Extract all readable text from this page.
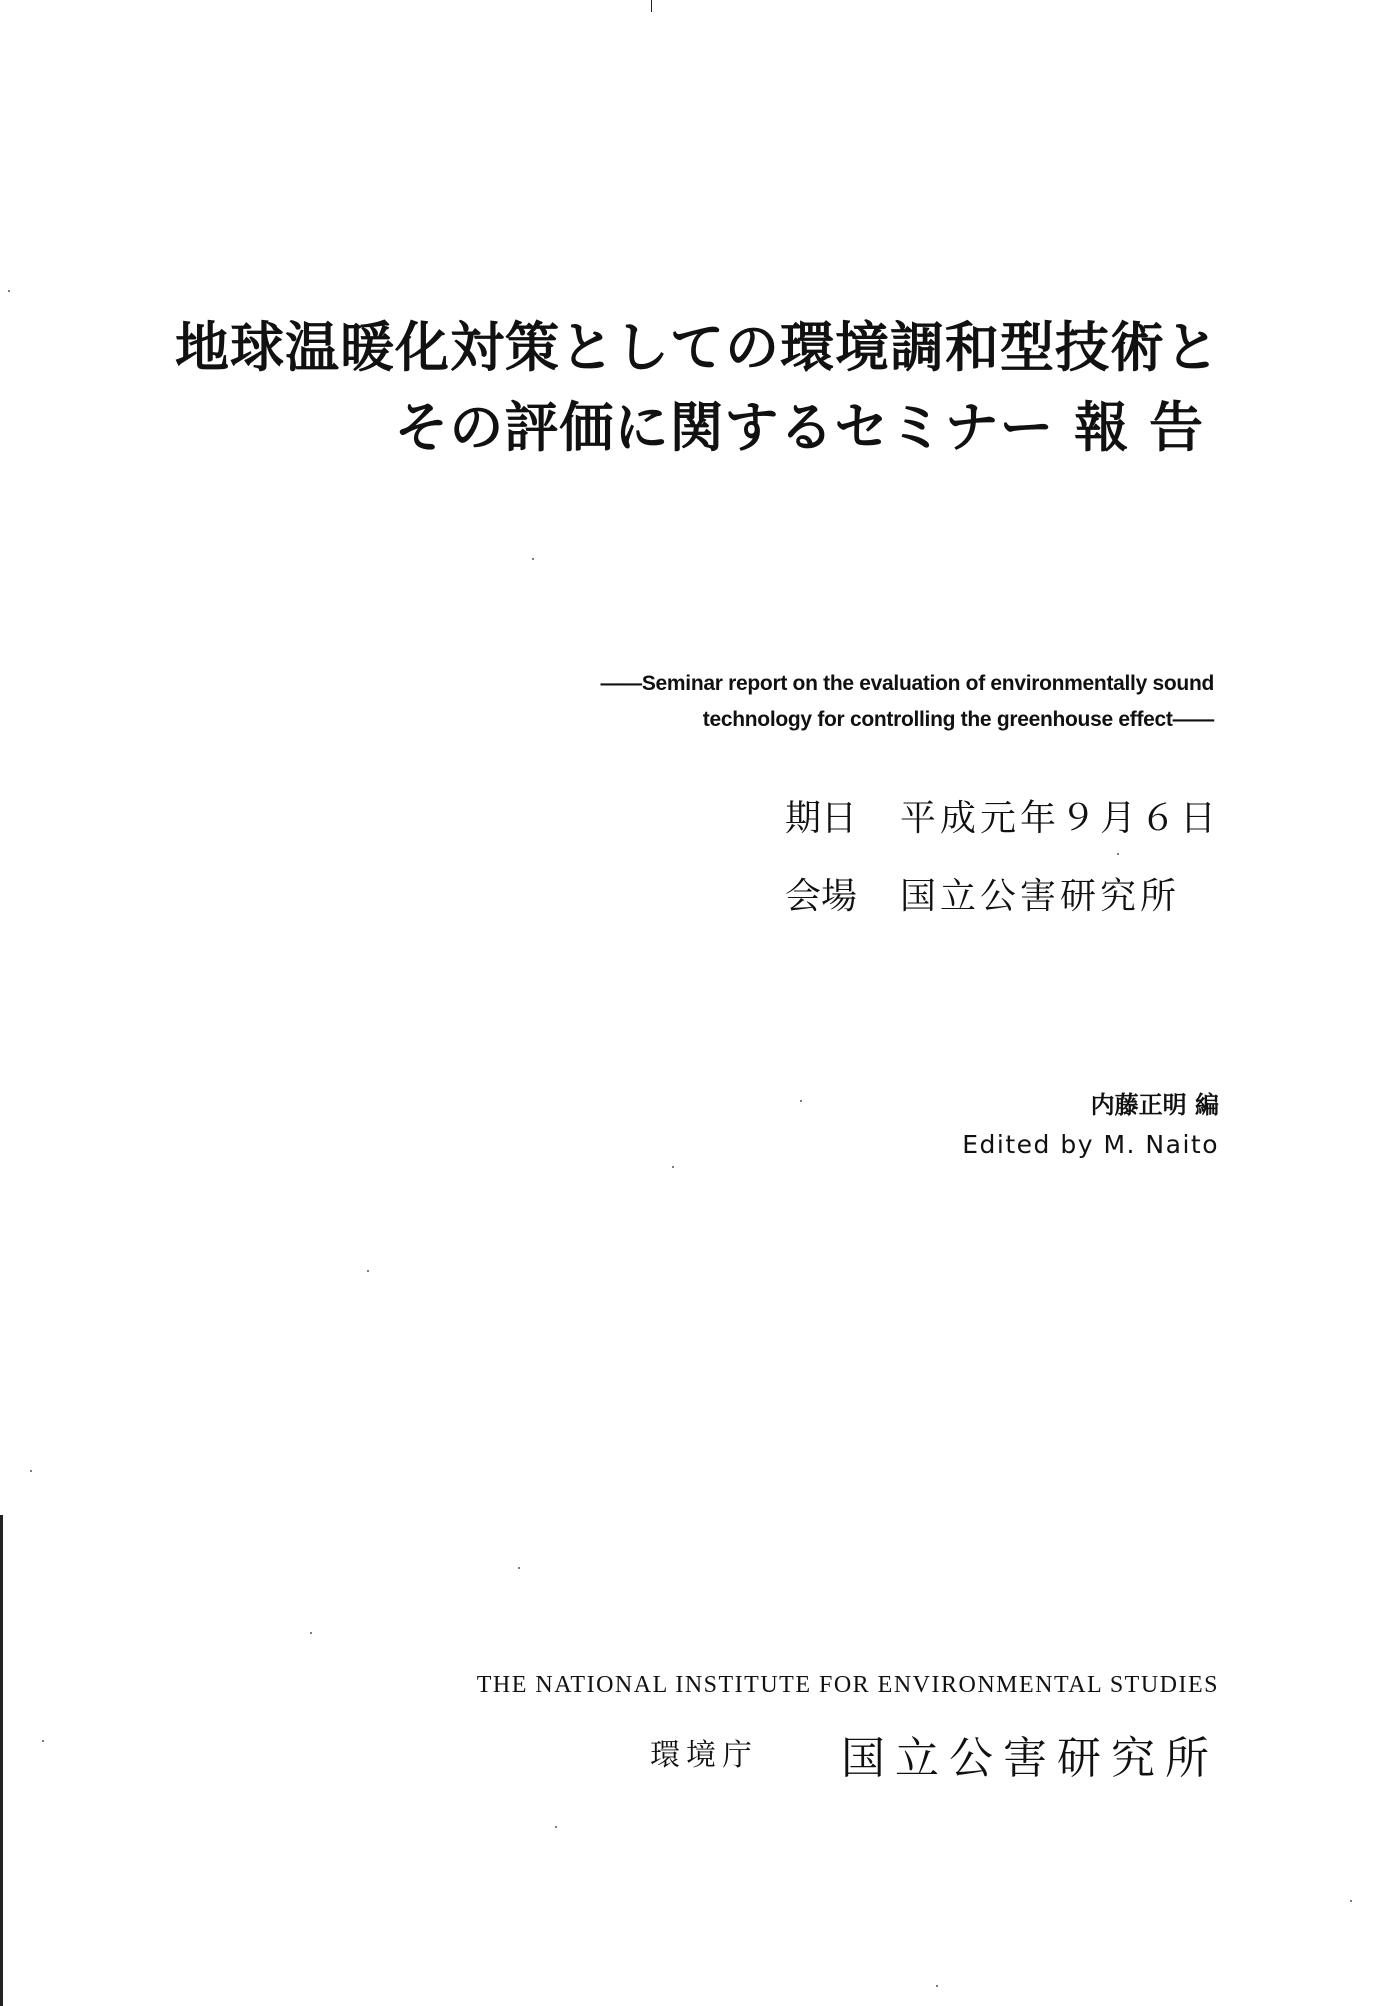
地球温暖化対策としての環境調和型技術と
その評価に関するセミナー 報 告
——Seminar report on the evaluation of environmentally sound
technology for controlling the greenhouse effect——
期日 平成元年９月６日
会場 国立公害研究所
内藤正明 編
Edited by M. Naito
THE NATIONAL INSTITUTE FOR ENVIRONMENTAL STUDIES
環境庁 国立公害研究所
